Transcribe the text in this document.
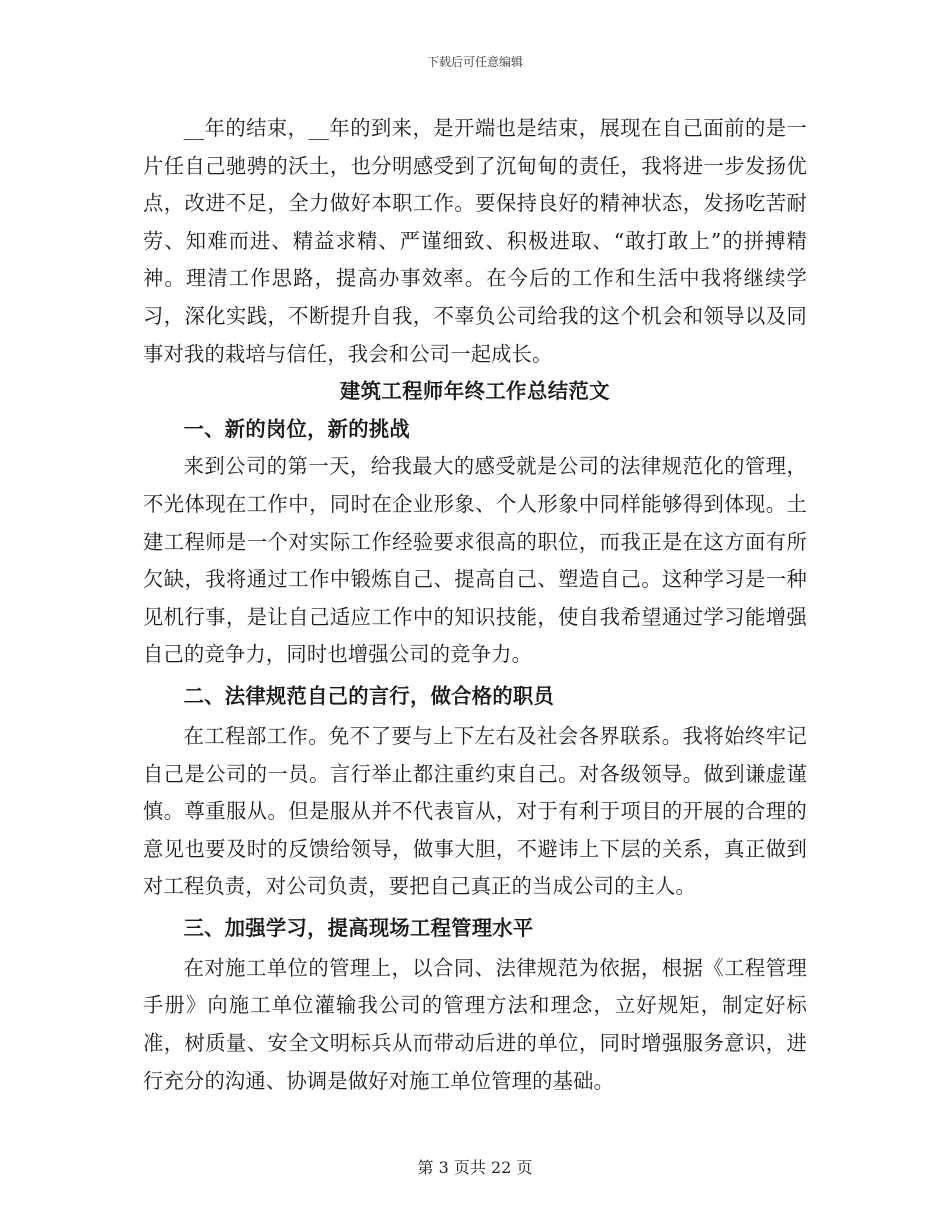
下载后可任意编辑

__年的结束，__年的到来，是开端也是结束，展现在自己面前的是一片任自己驰骋的沃土，也分明感受到了沉甸甸的责任，我将进一步发扬优点，改进不足，全力做好本职工作。要保持良好的精神状态，发扬吃苦耐劳、知难而进、精益求精、严谨细致、积极进取、“敢打敢上”的拼搏精神。理清工作思路，提高办事效率。在今后的工作和生活中我将继续学习，深化实践，不断提升自我，不辜负公司给我的这个机会和领导以及同事对我的栽培与信任，我会和公司一起成长。

建筑工程师年终工作总结范文

一、新的岗位，新的挑战

来到公司的第一天，给我最大的感受就是公司的法律规范化的管理，不光体现在工作中，同时在企业形象、个人形象中同样能够得到体现。土建工程师是一个对实际工作经验要求很高的职位，而我正是在这方面有所欠缺，我将通过工作中锻炼自己、提高自己、塑造自己。这种学习是一种见机行事，是让自己适应工作中的知识技能，使自我希望通过学习能增强自己的竞争力，同时也增强公司的竞争力。

二、法律规范自己的言行，做合格的职员

在工程部工作。免不了要与上下左右及社会各界联系。我将始终牢记自己是公司的一员。言行举止都注重约束自己。对各级领导。做到谦虚谨慎。尊重服从。但是服从并不代表盲从，对于有利于项目的开展的合理的意见也要及时的反馈给领导，做事大胆，不避讳上下层的关系，真正做到对工程负责，对公司负责，要把自己真正的当成公司的主人。

三、加强学习，提高现场工程管理水平

在对施工单位的管理上，以合同、法律规范为依据，根据《工程管理手册》向施工单位灌输我公司的管理方法和理念，立好规矩，制定好标准，树质量、安全文明标兵从而带动后进的单位，同时增强服务意识，进行充分的沟通、协调是做好对施工单位管理的基础。

第 3 页共 22 页
